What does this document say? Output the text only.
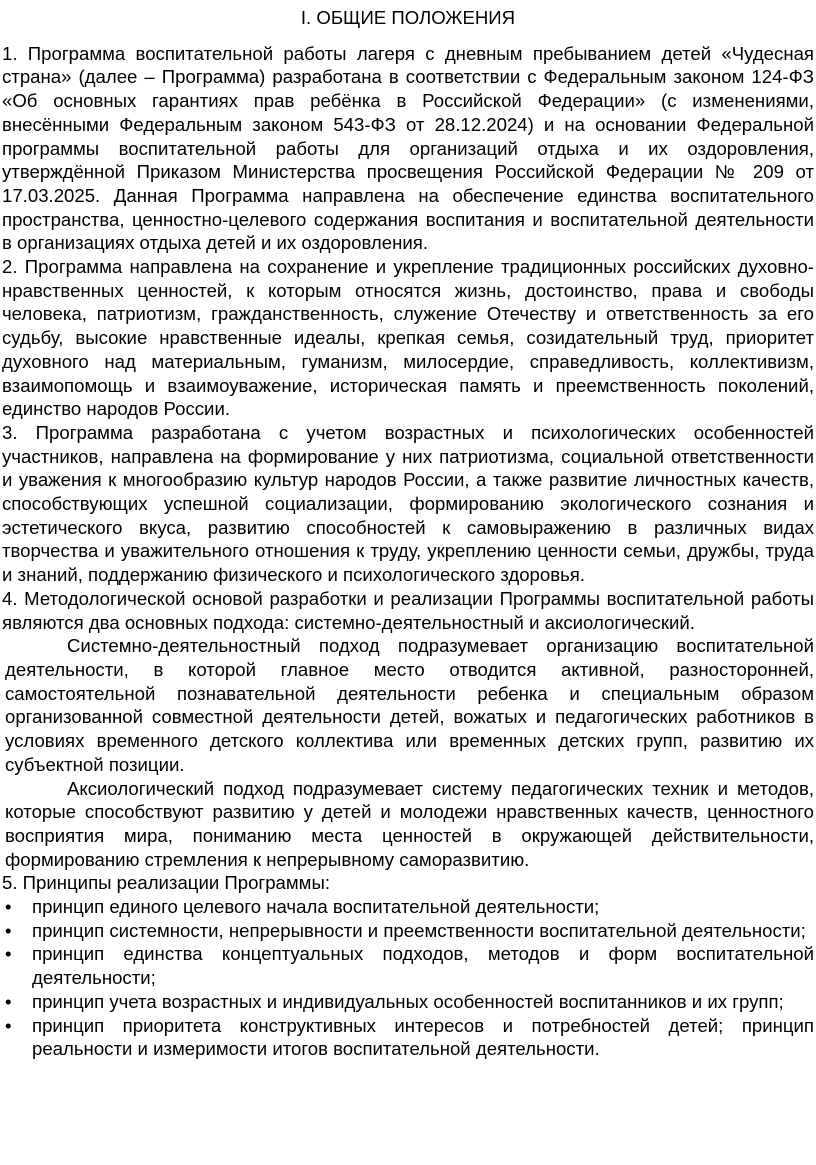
I. ОБЩИЕ ПОЛОЖЕНИЯ

1. Программа воспитательной работы лагеря с дневным пребыванием детей «Чудесная страна» (далее – Программа) разработана в соответствии с Федеральным законом 124-ФЗ «Об основных гарантиях прав ребёнка в Российской Федерации» (с изменениями, внесёнными Федеральным законом 543-ФЗ от 28.12.2024) и на основании Федеральной программы воспитательной работы для организаций отдыха и их оздоровления, утверждённой Приказом Министерства просвещения Российской Федерации № 209 от 17.03.2025. Данная Программа направлена на обеспечение единства воспитательного пространства, ценностно-целевого содержания воспитания и воспитательной деятельности в организациях отдыха детей и их оздоровления.

2. Программа направлена на сохранение и укрепление традиционных российских духовно-нравственных ценностей, к которым относятся жизнь, достоинство, права и свободы человека, патриотизм, гражданственность, служение Отечеству и ответственность за его судьбу, высокие нравственные идеалы, крепкая семья, созидательный труд, приоритет духовного над материальным, гуманизм, милосердие, справедливость, коллективизм, взаимопомощь и взаимоуважение, историческая память и преемственность поколений, единство народов России.

3. Программа разработана с учетом возрастных и психологических особенностей участников, направлена на формирование у них патриотизма, социальной ответственности и уважения к многообразию культур народов России, а также развитие личностных качеств, способствующих успешной социализации, формированию экологического сознания и эстетического вкуса, развитию способностей к самовыражению в различных видах творчества и уважительного отношения к труду, укреплению ценности семьи, дружбы, труда и знаний, поддержанию физического и психологического здоровья.

4. Методологической основой разработки и реализации Программы воспитательной работы являются два основных подхода: системно-деятельностный и аксиологический.

Системно-деятельностный подход подразумевает организацию воспитательной деятельности, в которой главное место отводится активной, разносторонней, самостоятельной познавательной деятельности ребенка и специальным образом организованной совместной деятельности детей, вожатых и педагогических работников в условиях временного детского коллектива или временных детских групп, развитию их субъектной позиции.

Аксиологический подход подразумевает систему педагогических техник и методов, которые способствуют развитию у детей и молодежи нравственных качеств, ценностного восприятия мира, пониманию места ценностей в окружающей действительности, формированию стремления к непрерывному саморазвитию.

5. Принципы реализации Программы:

• принцип единого целевого начала воспитательной деятельности;
• принцип системности, непрерывности и преемственности воспитательной деятельности;
• принцип единства концептуальных подходов, методов и форм воспитательной деятельности;
• принцип учета возрастных и индивидуальных особенностей воспитанников и их групп;
• принцип приоритета конструктивных интересов и потребностей детей; принцип реальности и измеримости итогов воспитательной деятельности.
